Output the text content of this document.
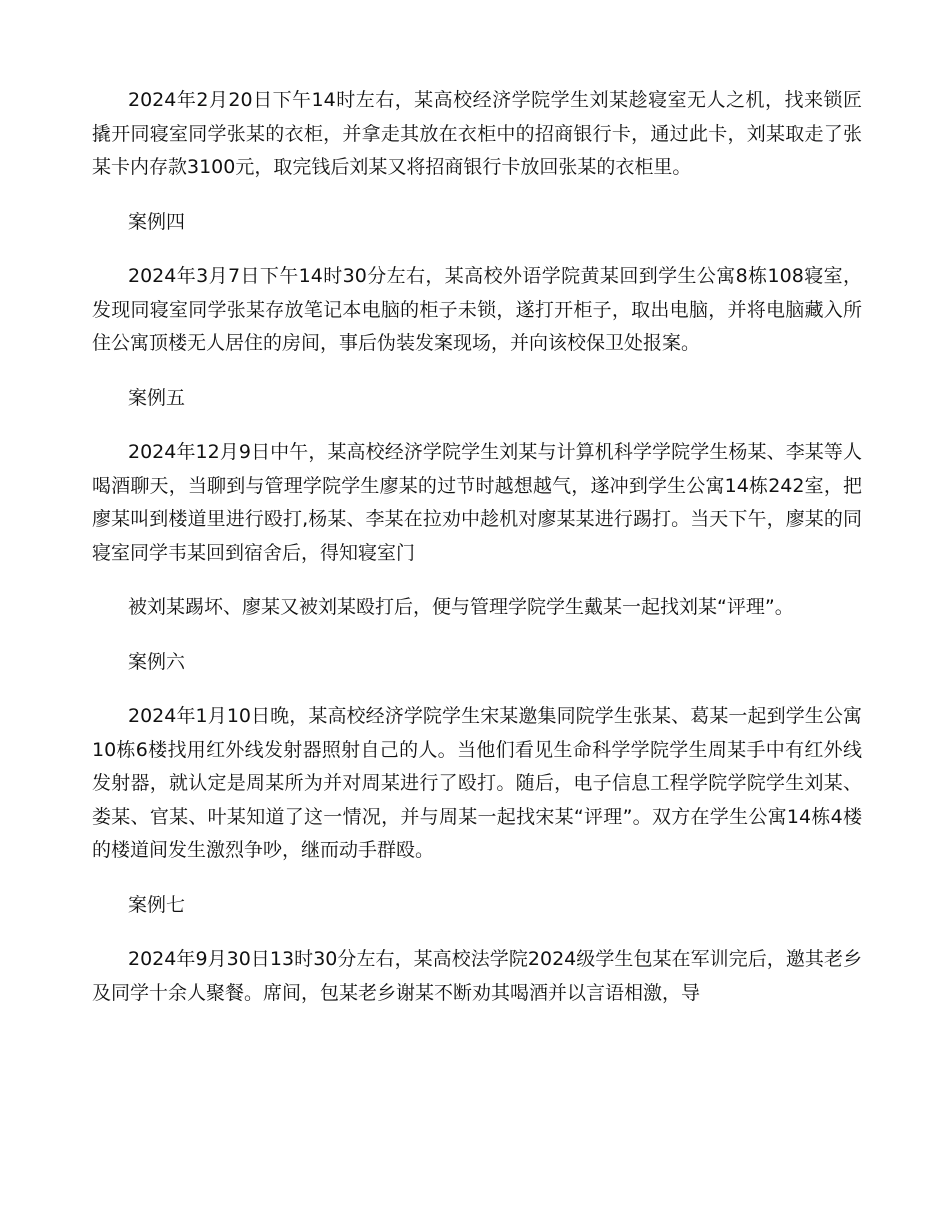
2024年2月20日下午14时左右，某高校经济学院学生刘某趁寝室无人之机，找来锁匠撬开同寝室同学张某的衣柜，并拿走其放在衣柜中的招商银行卡，通过此卡，刘某取走了张某卡内存款3100元，取完钱后刘某又将招商银行卡放回张某的衣柜里。

案例四

2024年3月7日下午14时30分左右，某高校外语学院黄某回到学生公寓8栋108寝室，发现同寝室同学张某存放笔记本电脑的柜子未锁，遂打开柜子，取出电脑，并将电脑藏入所住公寓顶楼无人居住的房间，事后伪装发案现场，并向该校保卫处报案。

案例五

2024年12月9日中午，某高校经济学院学生刘某与计算机科学学院学生杨某、李某等人喝酒聊天，当聊到与管理学院学生廖某的过节时越想越气，遂冲到学生公寓14栋242室，把廖某叫到楼道里进行殴打,杨某、李某在拉劝中趁机对廖某某进行踢打。当天下午，廖某的同寝室同学韦某回到宿舍后，得知寝室门

被刘某踢坏、廖某又被刘某殴打后，便与管理学院学生戴某一起找刘某“评理”。

案例六

2024年1月10日晚，某高校经济学院学生宋某邀集同院学生张某、葛某一起到学生公寓10栋6楼找用红外线发射器照射自己的人。当他们看见生命科学学院学生周某手中有红外线发射器，就认定是周某所为并对周某进行了殴打。随后，电子信息工程学院学院学生刘某、娄某、官某、叶某知道了这一情况，并与周某一起找宋某“评理”。双方在学生公寓14栋4楼的楼道间发生激烈争吵，继而动手群殴。

案例七

2024年9月30日13时30分左右，某高校法学院2024级学生包某在军训完后，邀其老乡及同学十余人聚餐。席间，包某老乡谢某不断劝其喝酒并以言语相激，导
